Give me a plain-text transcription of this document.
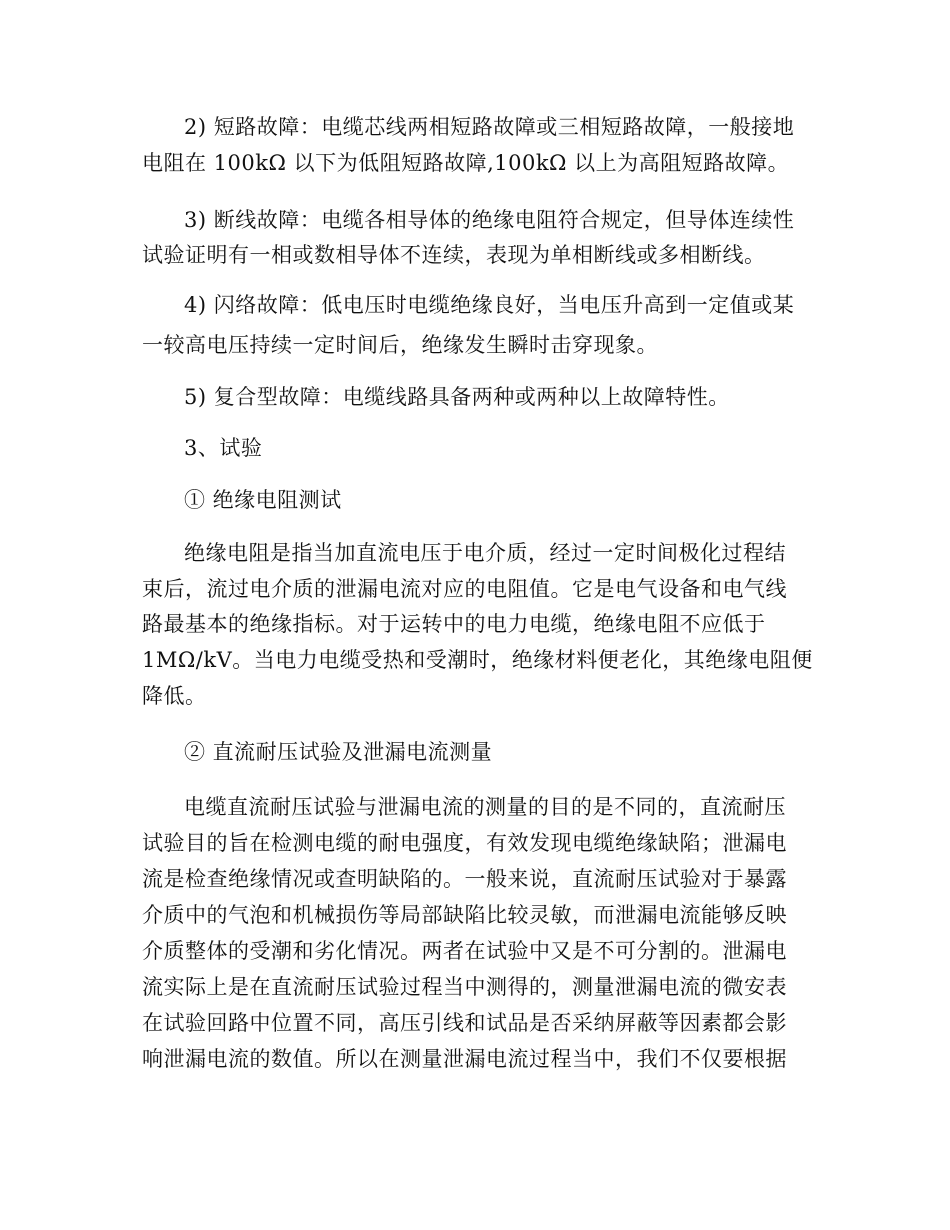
2) 短路故障：电缆芯线两相短路故障或三相短路故障，一般接地
电阻在 100kΩ 以下为低阻短路故障,100kΩ 以上为高阻短路故障。
3) 断线故障：电缆各相导体的绝缘电阻符合规定，但导体连续性
试验证明有一相或数相导体不连续，表现为单相断线或多相断线。
4) 闪络故障：低电压时电缆绝缘良好，当电压升高到一定值或某
一较高电压持续一定时间后，绝缘发生瞬时击穿现象。
5) 复合型故障：电缆线路具备两种或两种以上故障特性。
3、试验
① 绝缘电阻测试
绝缘电阻是指当加直流电压于电介质，经过一定时间极化过程结
束后，流过电介质的泄漏电流对应的电阻值。它是电气设备和电气线
路最基本的绝缘指标。对于运转中的电力电缆，绝缘电阻不应低于
1MΩ/kV。当电力电缆受热和受潮时，绝缘材料便老化，其绝缘电阻便
降低。
② 直流耐压试验及泄漏电流测量
电缆直流耐压试验与泄漏电流的测量的目的是不同的，直流耐压
试验目的旨在检测电缆的耐电强度，有效发现电缆绝缘缺陷；泄漏电
流是检查绝缘情况或查明缺陷的。一般来说，直流耐压试验对于暴露
介质中的气泡和机械损伤等局部缺陷比较灵敏，而泄漏电流能够反映
介质整体的受潮和劣化情况。两者在试验中又是不可分割的。泄漏电
流实际上是在直流耐压试验过程当中测得的，测量泄漏电流的微安表
在试验回路中位置不同，高压引线和试品是否采纳屏蔽等因素都会影
响泄漏电流的数值。所以在测量泄漏电流过程当中，我们不仅要根据
